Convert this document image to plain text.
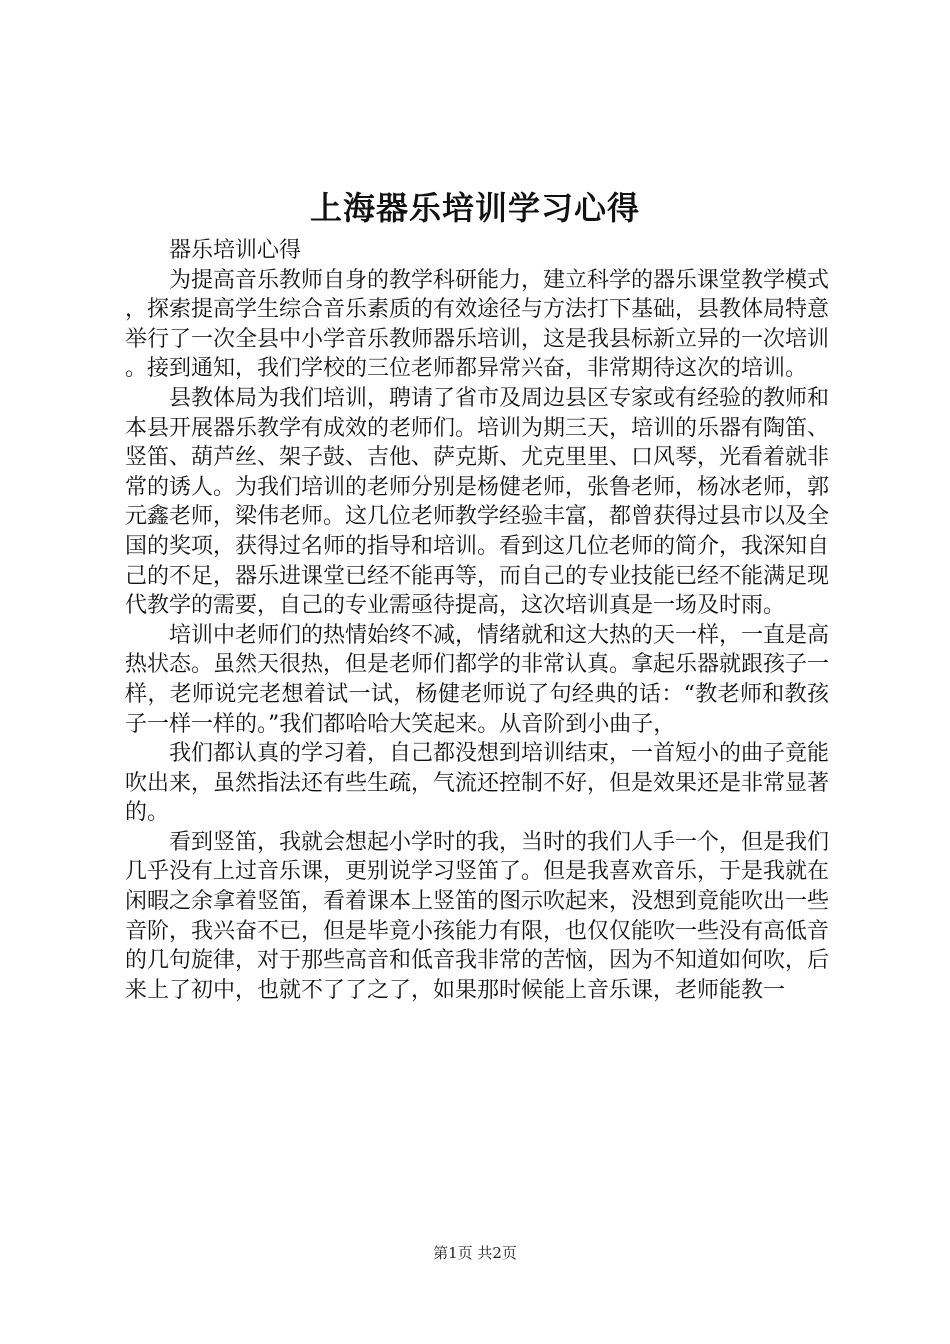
上海器乐培训学习心得

器乐培训心得

为提高音乐教师自身的教学科研能力，建立科学的器乐课堂教学模式，探索提高学生综合音乐素质的有效途径与方法打下基础，县教体局特意举行了一次全县中小学音乐教师器乐培训，这是我县标新立异的一次培训。接到通知，我们学校的三位老师都异常兴奋，非常期待这次的培训。

县教体局为我们培训，聘请了省市及周边县区专家或有经验的教师和本县开展器乐教学有成效的老师们。培训为期三天，培训的乐器有陶笛、竖笛、葫芦丝、架子鼓、吉他、萨克斯、尤克里里、口风琴，光看着就非常的诱人。为我们培训的老师分别是杨健老师，张鲁老师，杨冰老师，郭元鑫老师，梁伟老师。这几位老师教学经验丰富，都曾获得过县市以及全国的奖项，获得过名师的指导和培训。看到这几位老师的简介，我深知自己的不足，器乐进课堂已经不能再等，而自己的专业技能已经不能满足现代教学的需要，自己的专业需亟待提高，这次培训真是一场及时雨。

培训中老师们的热情始终不减，情绪就和这大热的天一样，一直是高热状态。虽然天很热，但是老师们都学的非常认真。拿起乐器就跟孩子一样，老师说完老想着试一试，杨健老师说了句经典的话：“教老师和教孩子一样一样的。”我们都哈哈大笑起来。从音阶到小曲子，

我们都认真的学习着，自己都没想到培训结束，一首短小的曲子竟能吹出来，虽然指法还有些生疏，气流还控制不好，但是效果还是非常显著的。

看到竖笛，我就会想起小学时的我，当时的我们人手一个，但是我们几乎没有上过音乐课，更别说学习竖笛了。但是我喜欢音乐，于是我就在闲暇之余拿着竖笛，看着课本上竖笛的图示吹起来，没想到竟能吹出一些音阶，我兴奋不已，但是毕竟小孩能力有限，也仅仅能吹一些没有高低音的几句旋律，对于那些高音和低音我非常的苦恼，因为不知道如何吹，后来上了初中，也就不了了之了，如果那时候能上音乐课，老师能教一

第1页 共2页
